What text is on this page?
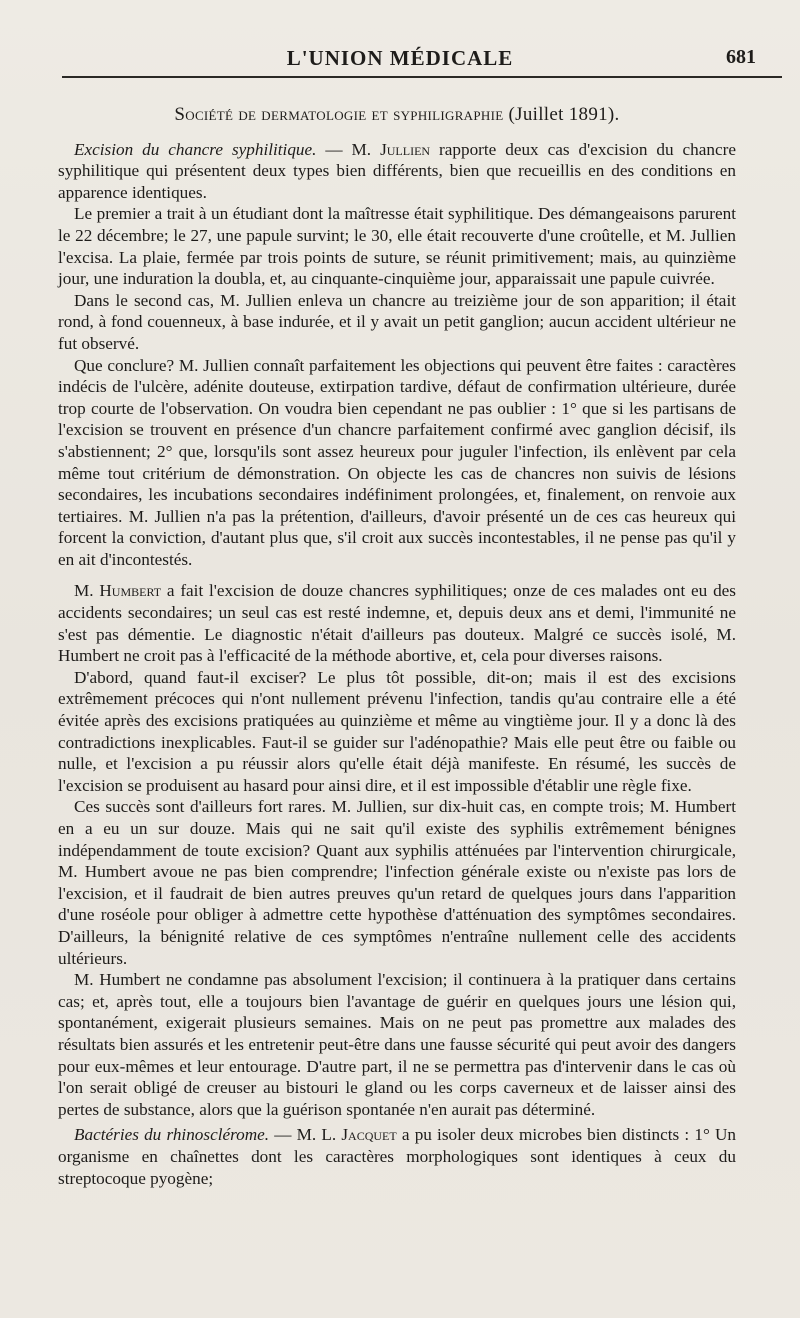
L'UNION MÉDICALE	681
Société de dermatologie et syphiligraphie (Juillet 1891).

Excision du chancre syphilitique. — M. Jullien rapporte deux cas d'excision du chancre syphilitique qui présentent deux types bien différents, bien que recueillis en des conditions en apparence identiques.

Le premier a trait à un étudiant dont la maîtresse était syphilitique. Des démangeaisons parurent le 22 décembre; le 27, une papule survint; le 30, elle était recouverte d'une croûtelle, et M. Jullien l'excisa. La plaie, fermée par trois points de suture, se réunit primitivement; mais, au quinzième jour, une induration la doubla, et, au cinquante-cinquième jour, apparaissait une papule cuivrée.

Dans le second cas, M. Jullien enleva un chancre au treizième jour de son apparition; il était rond, à fond couenneux, à base indurée, et il y avait un petit ganglion; aucun accident ultérieur ne fut observé.

Que conclure? M. Jullien connaît parfaitement les objections qui peuvent être faites : caractères indécis de l'ulcère, adénite douteuse, extirpation tardive, défaut de confirmation ultérieure, durée trop courte de l'observation. On voudra bien cependant ne pas oublier : 1° que si les partisans de l'excision se trouvent en présence d'un chancre parfaitement confirmé avec ganglion décisif, ils s'abstiennent; 2° que, lorsqu'ils sont assez heureux pour juguler l'infection, ils enlèvent par cela même tout critérium de démonstration. On objecte les cas de chancres non suivis de lésions secondaires, les incubations secondaires indéfiniment prolongées, et, finalement, on renvoie aux tertiaires. M. Jullien n'a pas la prétention, d'ailleurs, d'avoir présenté un de ces cas heureux qui forcent la conviction, d'autant plus que, s'il croit aux succès incontestables, il ne pense pas qu'il y en ait d'incontestés.

M. Humbert a fait l'excision de douze chancres syphilitiques; onze de ces malades ont eu des accidents secondaires; un seul cas est resté indemne, et, depuis deux ans et demi, l'immunité ne s'est pas démentie. Le diagnostic n'était d'ailleurs pas douteux. Malgré ce succès isolé, M. Humbert ne croit pas à l'efficacité de la méthode abortive, et, cela pour diverses raisons.

D'abord, quand faut-il exciser? Le plus tôt possible, dit-on; mais il est des excisions extrêmement précoces qui n'ont nullement prévenu l'infection, tandis qu'au contraire elle a été évitée après des excisions pratiquées au quinzième et même au vingtième jour. Il y a donc là des contradictions inexplicables. Faut-il se guider sur l'adénopathie? Mais elle peut être ou faible ou nulle, et l'excision a pu réussir alors qu'elle était déjà manifeste. En résumé, les succès de l'excision se produisent au hasard pour ainsi dire, et il est impossible d'établir une règle fixe.

Ces succès sont d'ailleurs fort rares. M. Jullien, sur dix-huit cas, en compte trois; M. Humbert en a eu un sur douze. Mais qui ne sait qu'il existe des syphilis extrêmement bénignes indépendamment de toute excision? Quant aux syphilis atténuées par l'intervention chirurgicale, M. Humbert avoue ne pas bien comprendre; l'infection générale existe ou n'existe pas lors de l'excision, et il faudrait de bien autres preuves qu'un retard de quelques jours dans l'apparition d'une roséole pour obliger à admettre cette hypothèse d'atténuation des symptômes secondaires. D'ailleurs, la bénignité relative de ces symptômes n'entraîne nullement celle des accidents ultérieurs.

M. Humbert ne condamne pas absolument l'excision; il continuera à la pratiquer dans certains cas; et, après tout, elle a toujours bien l'avantage de guérir en quelques jours une lésion qui, spontanément, exigerait plusieurs semaines. Mais on ne peut pas promettre aux malades des résultats bien assurés et les entretenir peut-être dans une fausse sécurité qui peut avoir des dangers pour eux-mêmes et leur entourage. D'autre part, il ne se permettra pas d'intervenir dans le cas où l'on serait obligé de creuser au bistouri le gland ou les corps caverneux et de laisser ainsi des pertes de substance, alors que la guérison spontanée n'en aurait pas déterminé.

Bactéries du rhinosclérome. — M. L. Jacquet a pu isoler deux microbes bien distincts : 1° Un organisme en chaînettes dont les caractères morphologiques sont identiques à ceux du streptocoque pyogène;
